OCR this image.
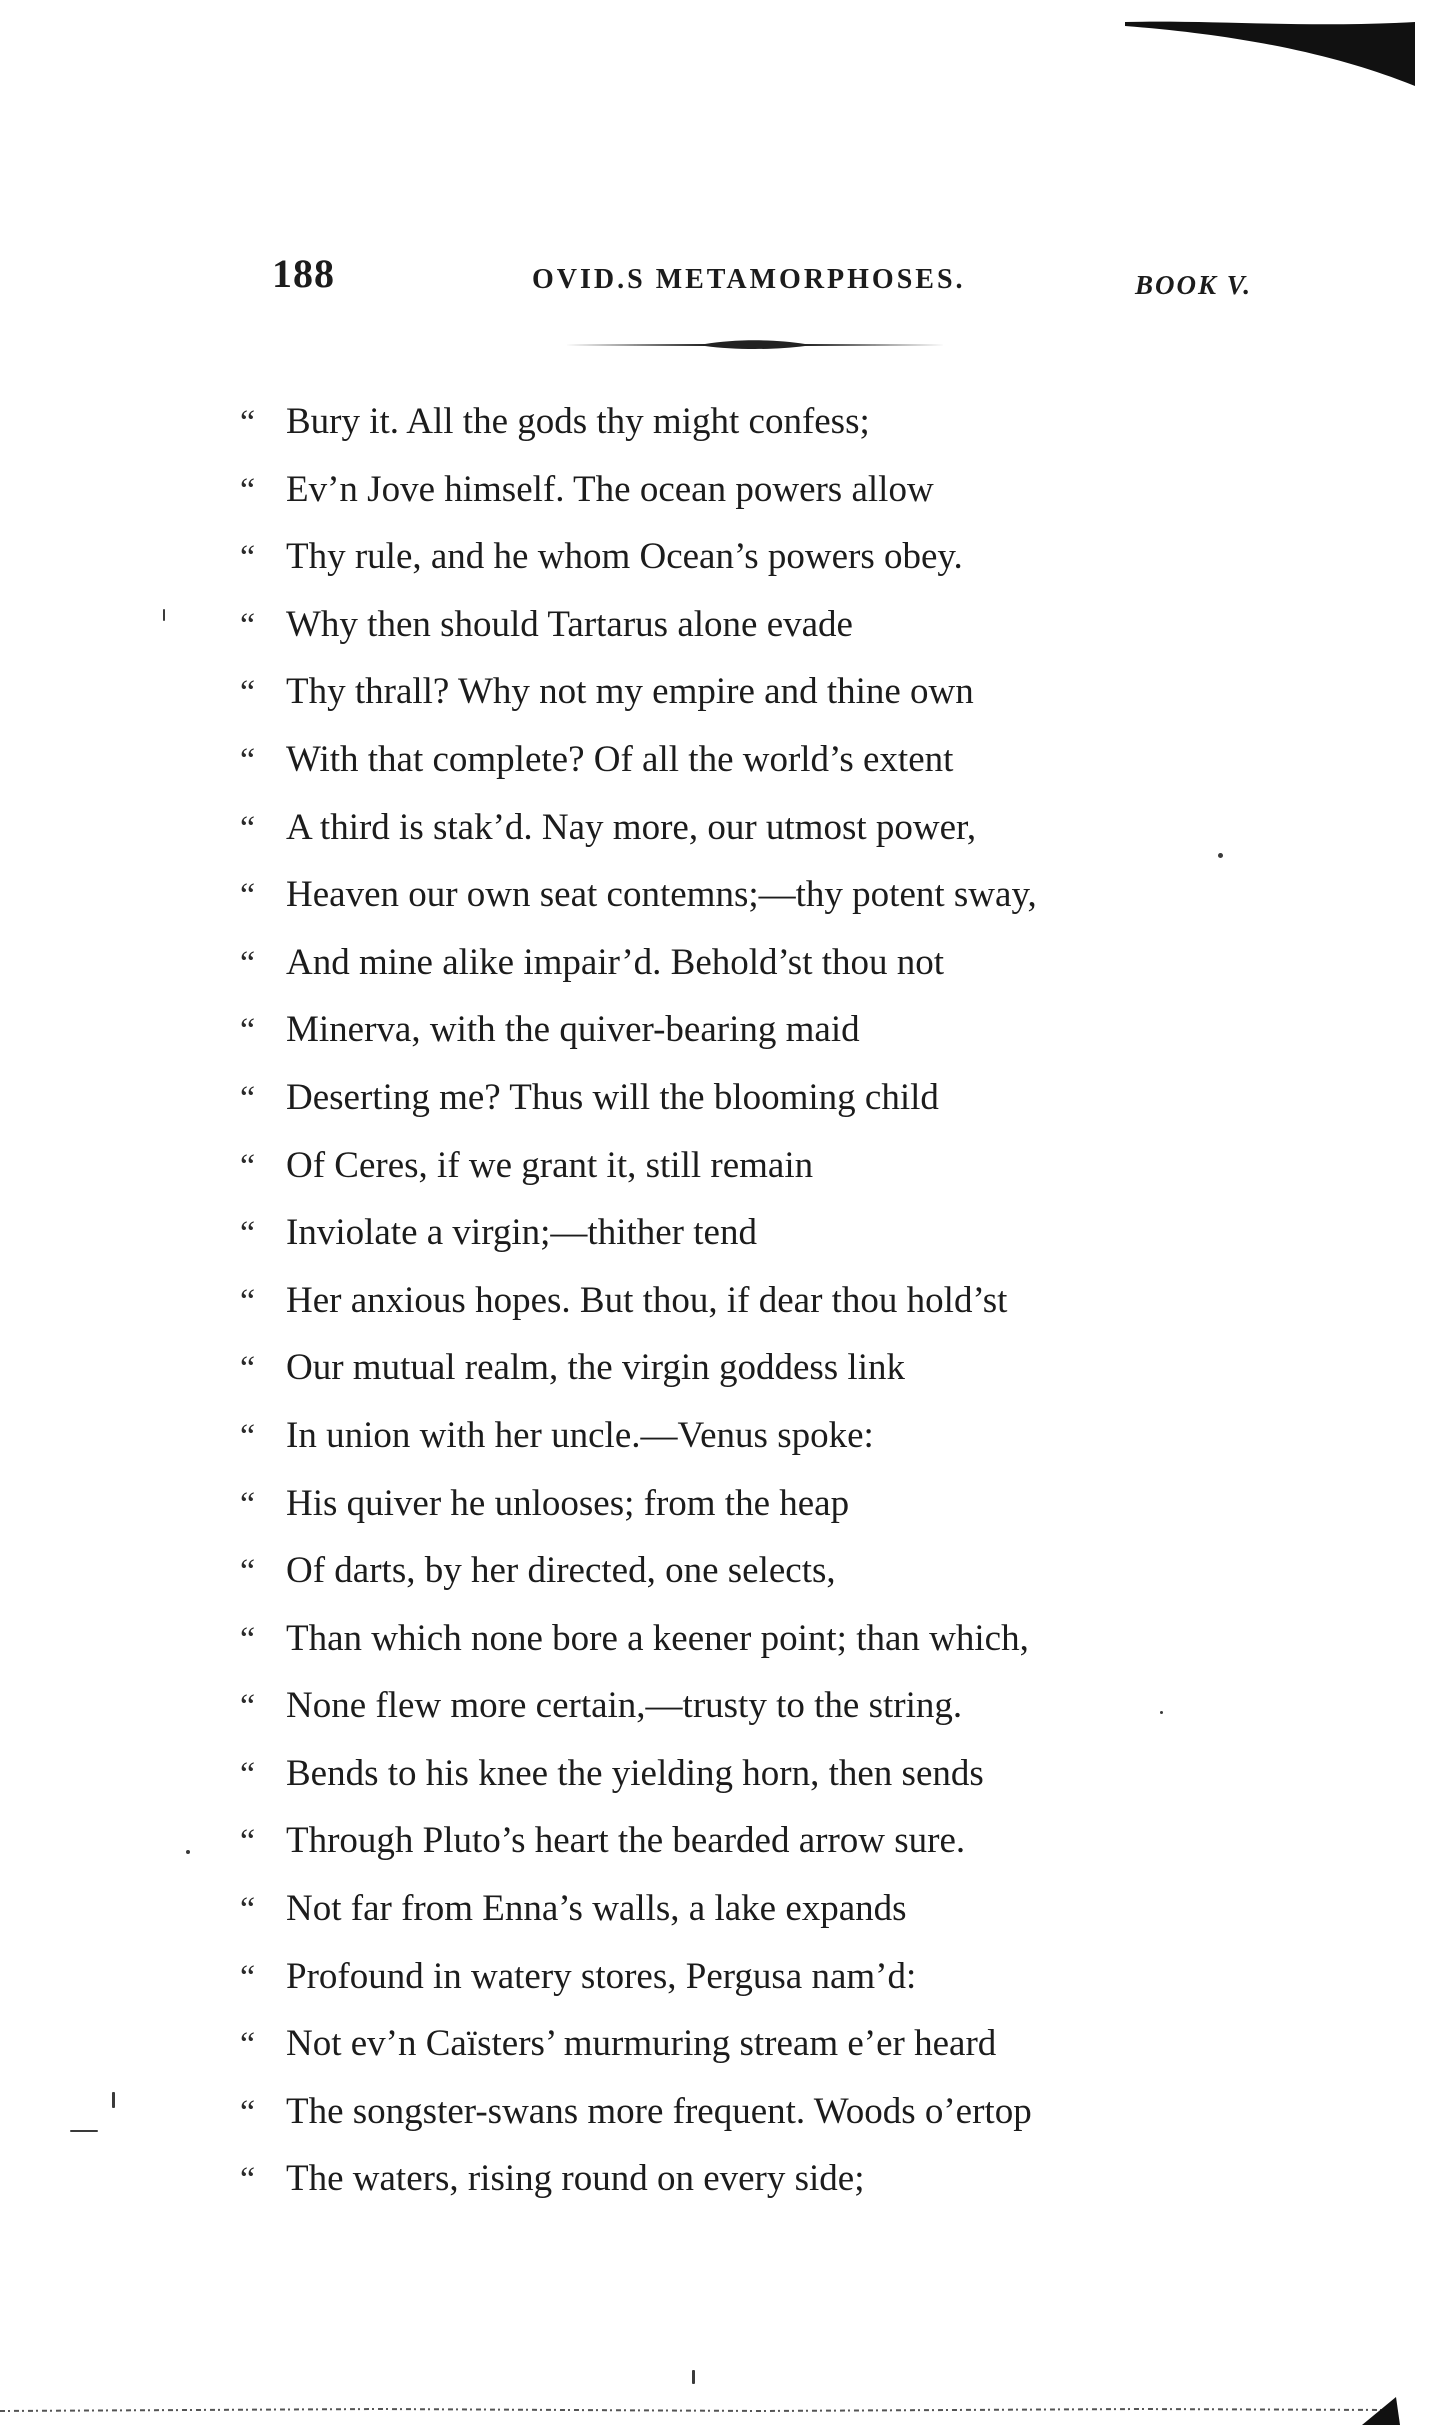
188	OVID.S METAMORPHOSES.	BOOK V.
“ Bury it. All the gods thy might confess;
“ Ev’n Jove himself. The ocean powers allow
“ Thy rule, and he whom Ocean’s powers obey.
“ Why then should Tartarus alone evade
“ Thy thrall? Why not my empire and thine own
“ With that complete? Of all the world’s extent
“ A third is stak’d. Nay more, our utmost power,
“ Heaven our own seat contemns;—thy potent sway,
“ And mine alike impair’d. Behold’st thou not
“ Minerva, with the quiver-bearing maid
“ Deserting me? Thus will the blooming child
“ Of Ceres, if we grant it, still remain
“ Inviolate a virgin;—thither tend
“ Her anxious hopes. But thou, if dear thou hold’st
“ Our mutual realm, the virgin goddess link
“ In union with her uncle.—Venus spoke:
“ His quiver he unlooses; from the heap
“ Of darts, by her directed, one selects,
“ Than which none bore a keener point; than which,
“ None flew more certain,—trusty to the string.
“ Bends to his knee the yielding horn, then sends
“ Through Pluto’s heart the bearded arrow sure.
“ Not far from Enna’s walls, a lake expands
“ Profound in watery stores, Pergusa nam’d:
“ Not ev’n Caïsters’ murmuring stream e’er heard
“ The songster-swans more frequent. Woods o’ertop
“ The waters, rising round on every side;
